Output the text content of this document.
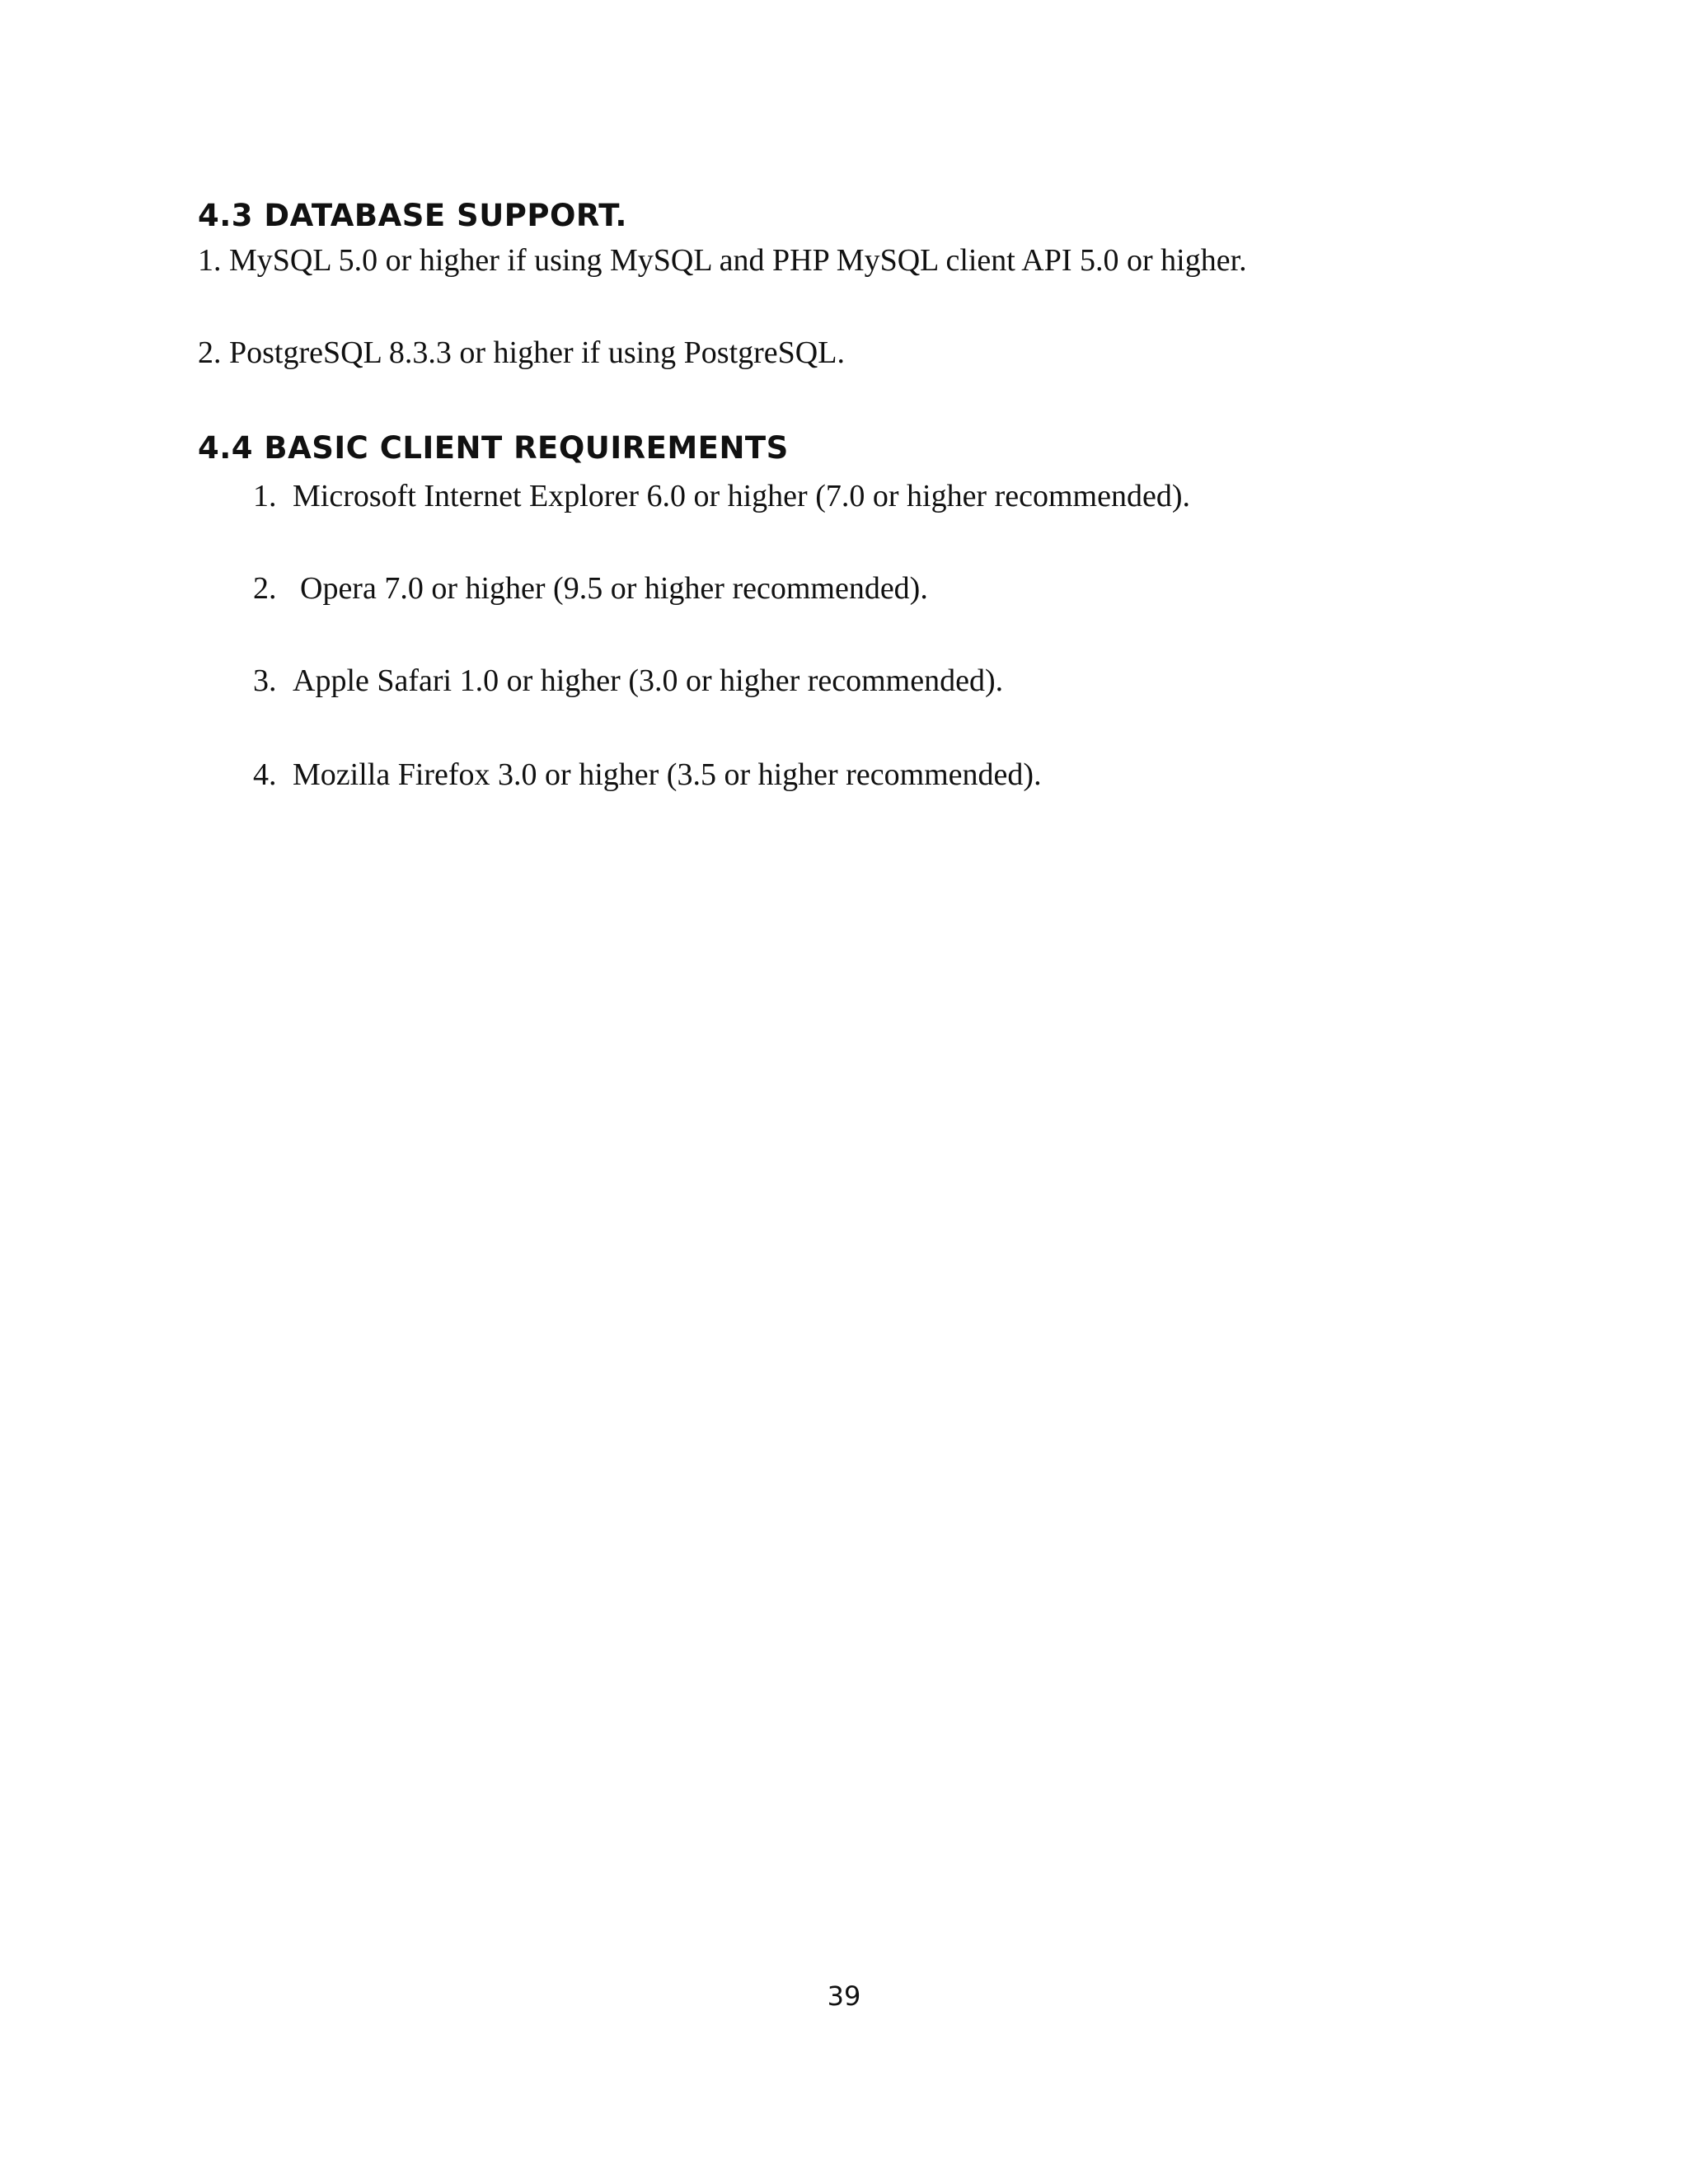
4.3 DATABASE SUPPORT.

1. MySQL 5.0 or higher if using MySQL and PHP MySQL client API 5.0 or higher.

2. PostgreSQL 8.3.3 or higher if using PostgreSQL.

4.4 BASIC CLIENT REQUIREMENTS

1. Microsoft Internet Explorer 6.0 or higher (7.0 or higher recommended).

2. Opera 7.0 or higher (9.5 or higher recommended).

3. Apple Safari 1.0 or higher (3.0 or higher recommended).

4. Mozilla Firefox 3.0 or higher (3.5 or higher recommended).

39
